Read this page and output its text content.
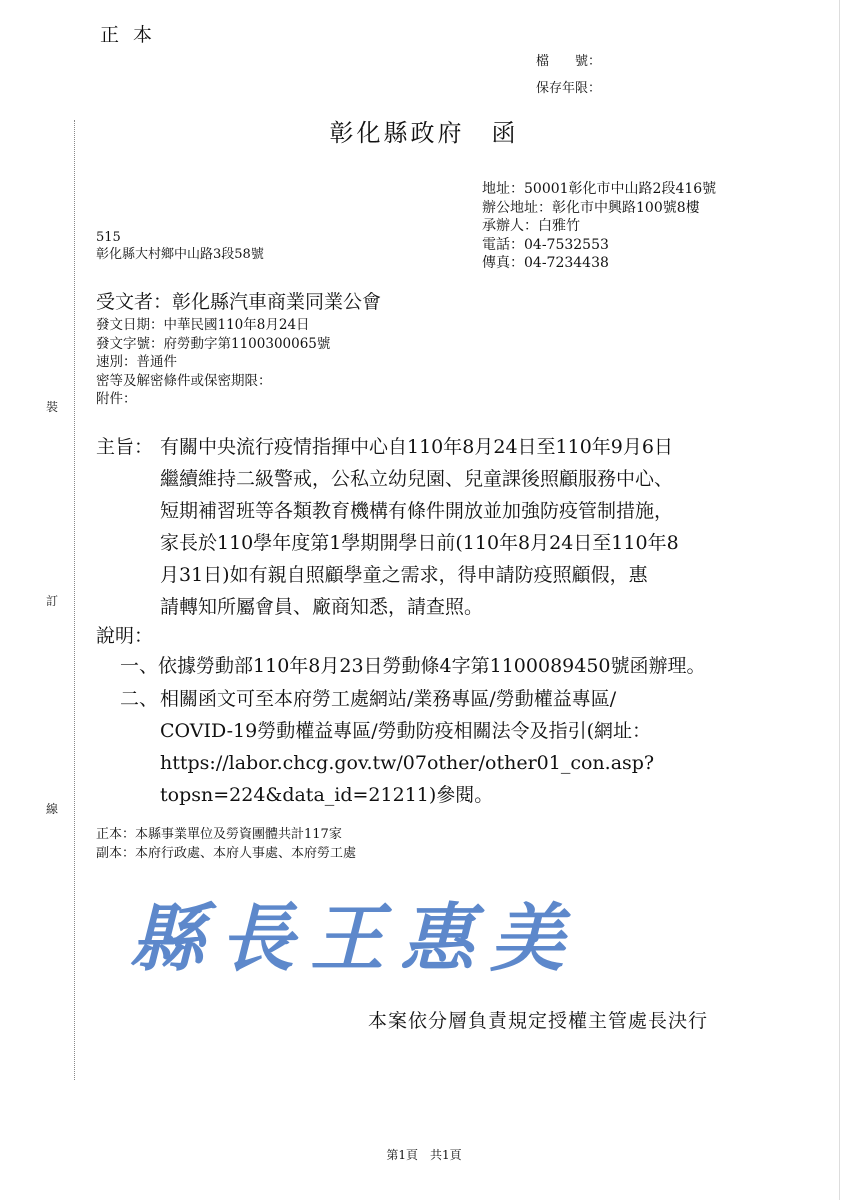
裝
訂
線
正本
檔　　號：
保存年限：
彰化縣政府　函
地址：50001彰化市中山路2段416號
辦公地址：彰化市中興路100號8樓
承辦人：白雅竹
電話：04-7532553
傳真：04-7234438
515
彰化縣大村鄉中山路3段58號
受文者：彰化縣汽車商業同業公會
發文日期：中華民國110年8月24日
發文字號：府勞動字第1100300065號
速別：普通件
密等及解密條件或保密期限：
附件：
主旨： 有關中央流行疫情指揮中心自110年8月24日至110年9月6日
繼續維持二級警戒，公私立幼兒園、兒童課後照顧服務中心、
短期補習班等各類教育機構有條件開放並加強防疫管制措施，
家長於110學年度第1學期開學日前(110年8月24日至110年8
月31日)如有親自照顧學童之需求，得申請防疫照顧假，惠
請轉知所屬會員、廠商知悉，請查照。
說明：
一、依據勞動部110年8月23日勞動條4字第1100089450號函辦理。
二、 相關函文可至本府勞工處網站/業務專區/勞動權益專區/
COVID-19勞動權益專區/勞動防疫相關法令及指引(網址：
https://labor.chcg.gov.tw/07other/other01_con.asp?
topsn=224&data_id=21211)參閱。
正本：本縣事業單位及勞資團體共計117家
副本：本府行政處、本府人事處、本府勞工處
縣長王惠美
本案依分層負責規定授權主管處長決行
第1頁　共1頁
